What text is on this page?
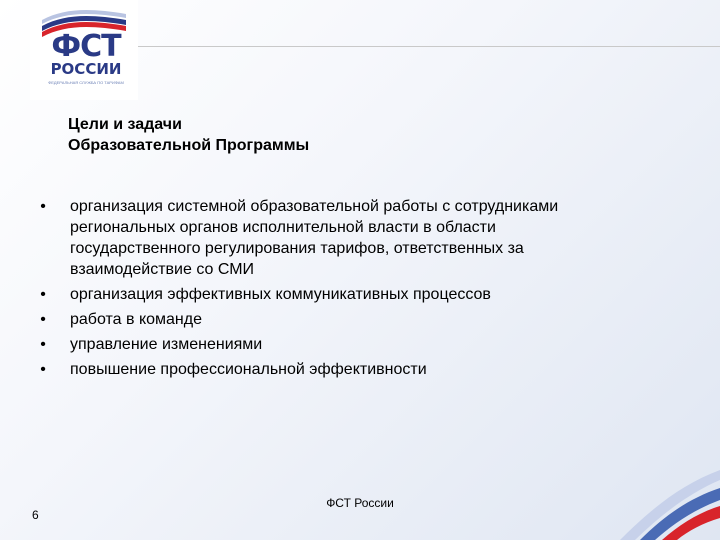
ФСТ
РОССИИ
ФЕДЕРАЛЬНАЯ СЛУЖБА ПО ТАРИФАМ
Цели и задачи
Образовательной Программы
• организация системной образовательной работы с сотрудниками
региональных органов исполнительной власти в области
государственного регулирования тарифов, ответственных за
взаимодействие со СМИ
• организация эффективных коммуникативных процессов
• работа в команде
• управление изменениями
• повышение профессиональной эффективности
ФСТ России
6
